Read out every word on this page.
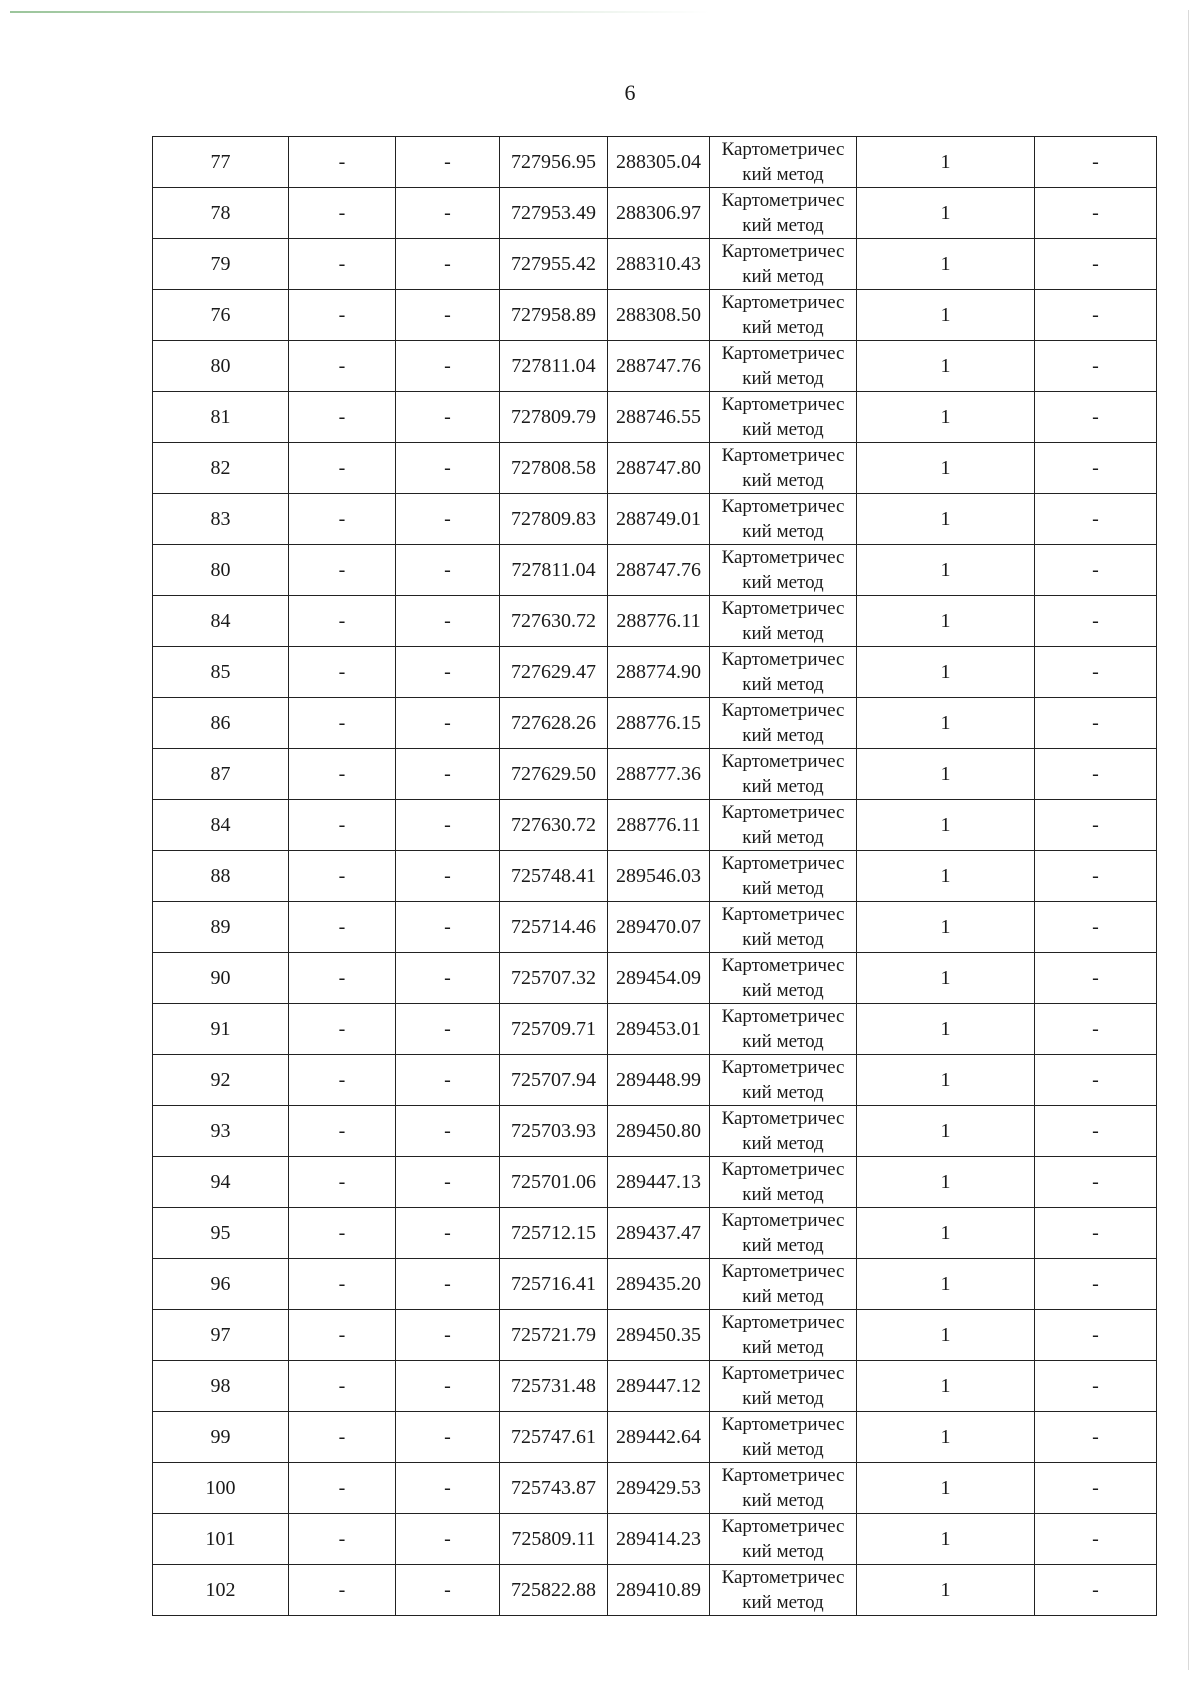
6
77	-	-	727956.95	288305.04	Картометричес
кий метод	1	-
78	-	-	727953.49	288306.97	Картометричес
кий метод	1	-
79	-	-	727955.42	288310.43	Картометричес
кий метод	1	-
76	-	-	727958.89	288308.50	Картометричес
кий метод	1	-
80	-	-	727811.04	288747.76	Картометричес
кий метод	1	-
81	-	-	727809.79	288746.55	Картометричес
кий метод	1	-
82	-	-	727808.58	288747.80	Картометричес
кий метод	1	-
83	-	-	727809.83	288749.01	Картометричес
кий метод	1	-
80	-	-	727811.04	288747.76	Картометричес
кий метод	1	-
84	-	-	727630.72	288776.11	Картометричес
кий метод	1	-
85	-	-	727629.47	288774.90	Картометричес
кий метод	1	-
86	-	-	727628.26	288776.15	Картометричес
кий метод	1	-
87	-	-	727629.50	288777.36	Картометричес
кий метод	1	-
84	-	-	727630.72	288776.11	Картометричес
кий метод	1	-
88	-	-	725748.41	289546.03	Картометричес
кий метод	1	-
89	-	-	725714.46	289470.07	Картометричес
кий метод	1	-
90	-	-	725707.32	289454.09	Картометричес
кий метод	1	-
91	-	-	725709.71	289453.01	Картометричес
кий метод	1	-
92	-	-	725707.94	289448.99	Картометричес
кий метод	1	-
93	-	-	725703.93	289450.80	Картометричес
кий метод	1	-
94	-	-	725701.06	289447.13	Картометричес
кий метод	1	-
95	-	-	725712.15	289437.47	Картометричес
кий метод	1	-
96	-	-	725716.41	289435.20	Картометричес
кий метод	1	-
97	-	-	725721.79	289450.35	Картометричес
кий метод	1	-
98	-	-	725731.48	289447.12	Картометричес
кий метод	1	-
99	-	-	725747.61	289442.64	Картометричес
кий метод	1	-
100	-	-	725743.87	289429.53	Картометричес
кий метод	1	-
101	-	-	725809.11	289414.23	Картометричес
кий метод	1	-
102	-	-	725822.88	289410.89	Картометричес
кий метод	1	-
